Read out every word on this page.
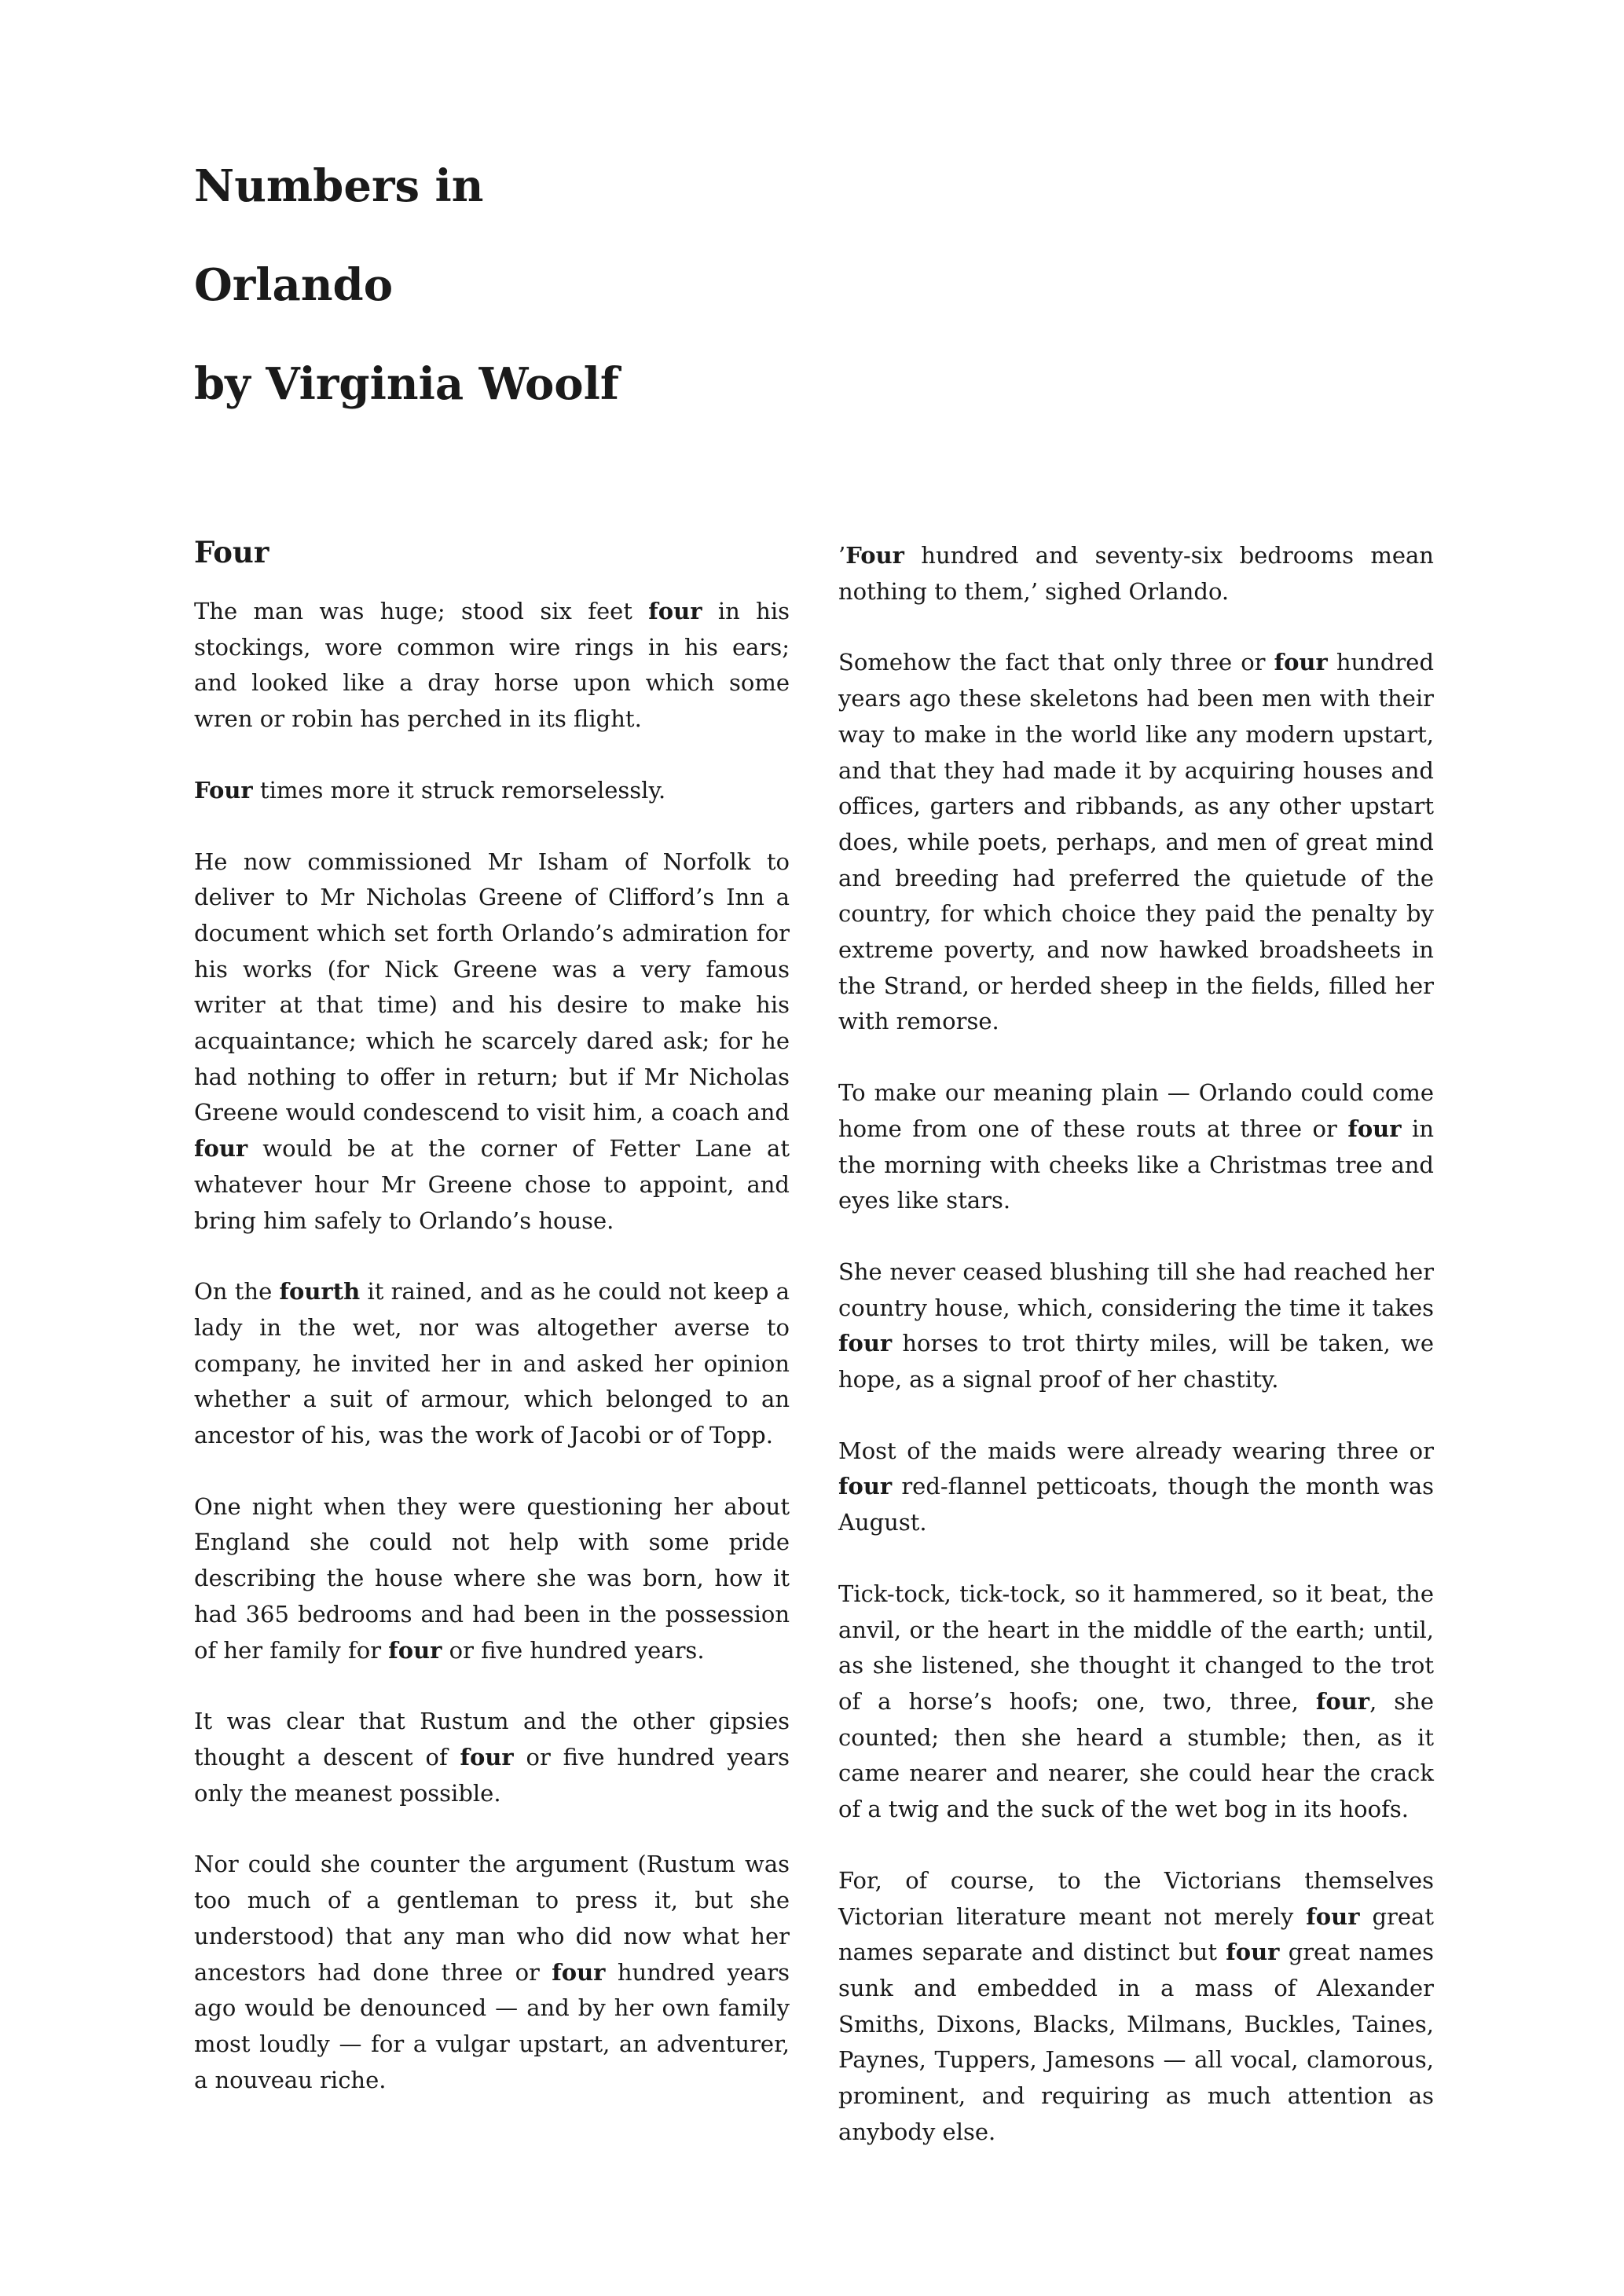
Numbers in
Orlando
by Virginia Woolf
Four

The man was huge; stood six feet four in his stockings, wore common wire rings in his ears; and looked like a dray horse upon which some wren or robin has perched in its flight.

Four times more it struck remorselessly.

He now commissioned Mr Isham of Norfolk to deliver to Mr Nicholas Greene of Clifford’s Inn a document which set forth Orlando’s admiration for his works (for Nick Greene was a very famous writer at that time) and his desire to make his acquaintance; which he scarcely dared ask; for he had nothing to offer in return; but if Mr Nicholas Greene would condescend to visit him, a coach and four would be at the corner of Fetter Lane at whatever hour Mr Greene chose to appoint, and bring him safely to Orlando’s house.

On the fourth it rained, and as he could not keep a lady in the wet, nor was altogether averse to company, he invited her in and asked her opinion whether a suit of armour, which belonged to an ancestor of his, was the work of Jacobi or of Topp.

One night when they were questioning her about England she could not help with some pride describing the house where she was born, how it had 365 bedrooms and had been in the possession of her family for four or five hundred years.

It was clear that Rustum and the other gipsies thought a descent of four or five hundred years only the meanest possible.

Nor could she counter the argument (Rustum was too much of a gentleman to press it, but she understood) that any man who did now what her ancestors had done three or four hundred years ago would be denounced — and by her own family most loudly — for a vulgar upstart, an adventurer, a nouveau riche.

’Four hundred and seventy-six bedrooms mean nothing to them,’ sighed Orlando.

Somehow the fact that only three or four hundred years ago these skeletons had been men with their way to make in the world like any modern upstart, and that they had made it by acquiring houses and offices, garters and ribbands, as any other upstart does, while poets, perhaps, and men of great mind and breeding had preferred the quietude of the country, for which choice they paid the penalty by extreme poverty, and now hawked broadsheets in the Strand, or herded sheep in the fields, filled her with remorse.

To make our meaning plain — Orlando could come home from one of these routs at three or four in the morning with cheeks like a Christmas tree and eyes like stars.

She never ceased blushing till she had reached her country house, which, considering the time it takes four horses to trot thirty miles, will be taken, we hope, as a signal proof of her chastity.

Most of the maids were already wearing three or four red-flannel petticoats, though the month was August.

Tick-tock, tick-tock, so it hammered, so it beat, the anvil, or the heart in the middle of the earth; until, as she listened, she thought it changed to the trot of a horse’s hoofs; one, two, three, four, she counted; then she heard a stumble; then, as it came nearer and nearer, she could hear the crack of a twig and the suck of the wet bog in its hoofs.

For, of course, to the Victorians themselves Victorian literature meant not merely four great names separate and distinct but four great names sunk and embedded in a mass of Alexander Smiths, Dixons, Blacks, Milmans, Buckles, Taines, Paynes, Tuppers, Jamesons — all vocal, clamorous, prominent, and requiring as much attention as anybody else.
